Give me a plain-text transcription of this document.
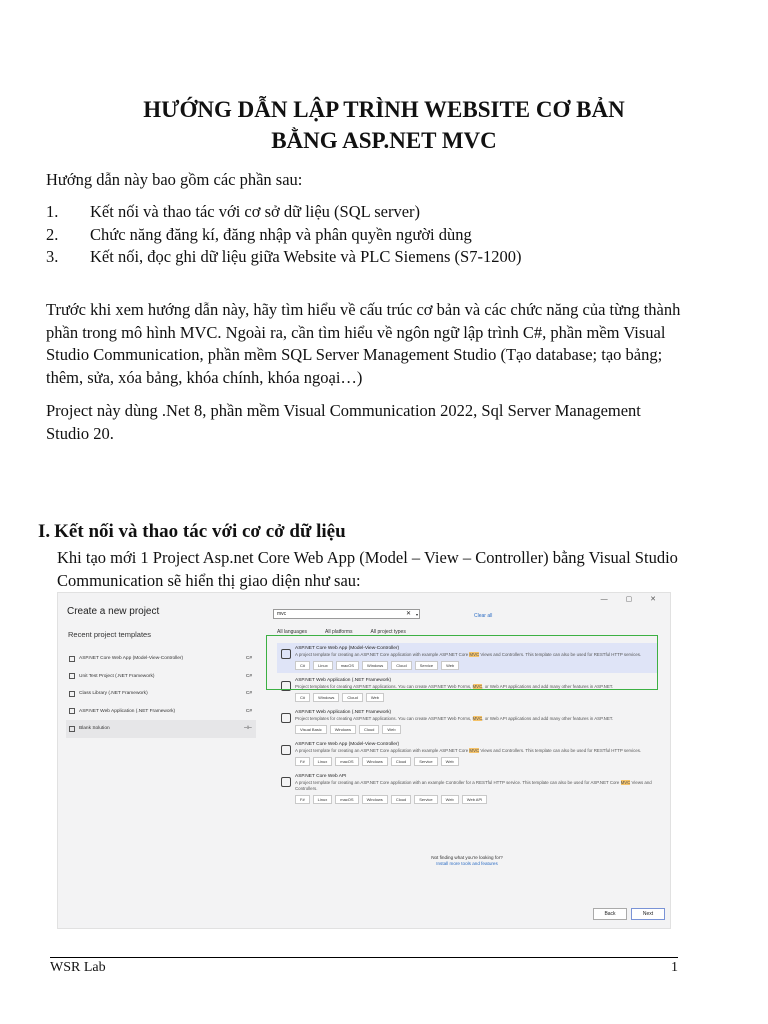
HƯỚNG DẪN LẬP TRÌNH WEBSITE CƠ BẢN
BẰNG ASP.NET MVC
Hướng dẫn này bao gồm các phần sau:
1.	Kết nối và thao tác với cơ sở dữ liệu (SQL server)
2.	Chức năng đăng kí, đăng nhập và phân quyền người dùng
3.	Kết nối, đọc ghi dữ liệu giữa Website và PLC Siemens (S7-1200)
Trước khi xem hướng dẫn này, hãy tìm hiểu về cấu trúc cơ bản và các chức năng của từng thành phần trong mô hình MVC. Ngoài ra, cần tìm hiểu về ngôn ngữ lập trình C#, phần mềm Visual Studio Communication, phần mềm SQL Server Management Studio (Tạo database; tạo bảng; thêm, sửa, xóa bảng, khóa chính, khóa ngoại…)
Project này dùng .Net 8, phần mềm Visual Communication 2022, Sql Server Management Studio 20.
I. Kết nối và thao tác với cơ cở dữ liệu
Khi tạo mới 1 Project Asp.net Core Web App (Model – View – Controller) bằng Visual Studio Communication sẽ hiển thị giao diện như sau:
— ▢ ✕
Create a new project
Recent project templates
ASP.NET Core Web App (Model-View-Controller)	C#
Unit Test Project (.NET Framework)	C#
Class Library (.NET Framework)	C#
ASP.NET Web Application (.NET Framework)	C#
Blank Solution	⊣⊢
mvc	✕ ▾	Clear all
All languages	All platforms	All project types
ASP.NET Core Web App (Model-View-Controller)
A project template for creating an ASP.NET Core application with example ASP.NET Core MVC Views and Controllers. This template can also be used for RESTful HTTP services.
C#	Linux	macOS	Windows	Cloud	Service	Web
ASP.NET Web Application (.NET Framework)
Project templates for creating ASP.NET applications. You can create ASP.NET Web Forms, MVC, or Web API applications and add many other features in ASP.NET.
C#	Windows	Cloud	Web
ASP.NET Web Application (.NET Framework)
Project templates for creating ASP.NET applications. You can create ASP.NET Web Forms, MVC, or Web API applications and add many other features in ASP.NET.
Visual Basic	Windows	Cloud	Web
ASP.NET Core Web App (Model-View-Controller)
A project template for creating an ASP.NET Core application with example ASP.NET Core MVC Views and Controllers. This template can also be used for RESTful HTTP services.
F#	Linux	macOS	Windows	Cloud	Service	Web
ASP.NET Core Web API
A project template for creating an ASP.NET Core application with an example Controller for a RESTful HTTP service. This template can also be used for ASP.NET Core MVC Views and Controllers.
F#	Linux	macOS	Windows	Cloud	Service	Web	Web API
Not finding what you're looking for?
Install more tools and features
Back	Next
WSR Lab	1
